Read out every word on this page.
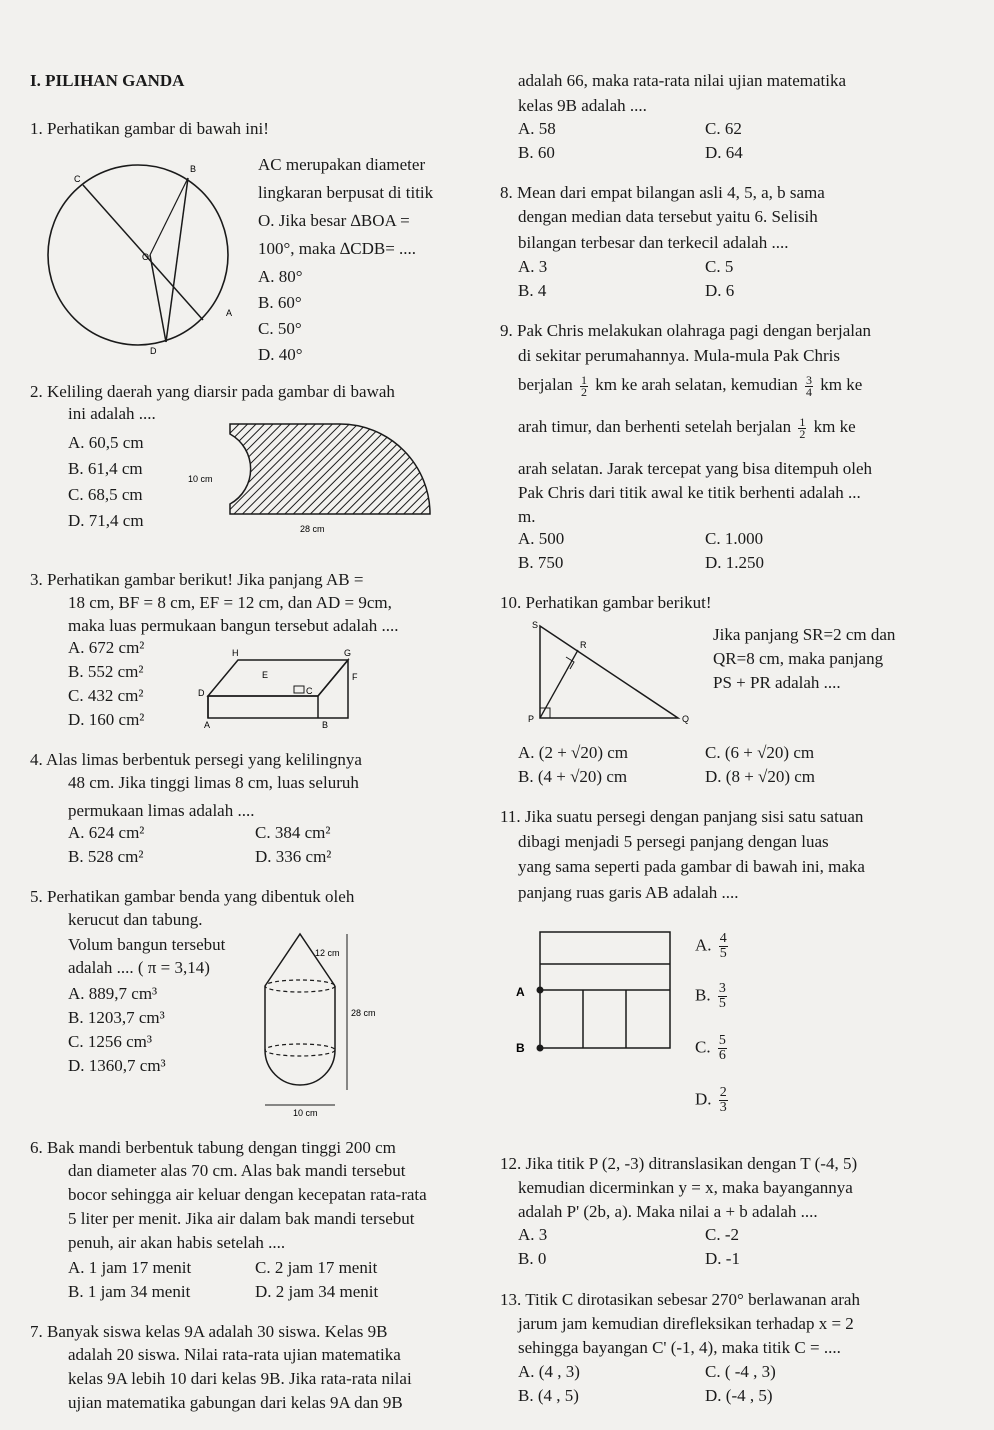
I. PILIHAN GANDA
1. Perhatikan gambar di bawah ini!
B
C
O
A
D
AC merupakan diameter
lingkaran berpusat di titik
O. Jika besar ∆BOA =
100°, maka ∆CDB= ....
A. 80°
B. 60°
C. 50°
D. 40°
2. Keliling daerah yang diarsir pada gambar di bawah
ini adalah ....
A. 60,5 cm
B. 61,4 cm
C. 68,5 cm
D. 71,4 cm
10 cm
28 cm
3. Perhatikan gambar berikut! Jika panjang AB =
18 cm, BF = 8 cm, EF = 12 cm, dan AD = 9cm,
maka luas permukaan bangun tersebut adalah ....
A. 672 cm²
B. 552 cm²
C. 432 cm²
D. 160 cm²
H	G
E	F
D	C
A	B
4. Alas limas berbentuk persegi yang kelilingnya
48 cm. Jika tinggi limas 8 cm, luas seluruh
permukaan limas adalah ....
A. 624 cm²
B. 528 cm²
C. 384 cm²
D. 336 cm²
5. Perhatikan gambar benda yang dibentuk oleh
kerucut dan tabung.
Volum bangun tersebut
adalah .... ( π = 3,14)
A. 889,7 cm³
B. 1203,7 cm³
C. 1256 cm³
D. 1360,7 cm³
12 cm
28 cm
10 cm
6. Bak mandi berbentuk tabung dengan tinggi 200 cm
dan diameter alas 70 cm. Alas bak mandi tersebut
bocor sehingga air keluar dengan kecepatan rata-rata
5 liter per menit. Jika air dalam bak mandi tersebut
penuh, air akan habis setelah ....
A. 1 jam 17 menit
B. 1 jam 34 menit
C. 2 jam 17 menit
D. 2 jam 34 menit
7. Banyak siswa kelas 9A adalah 30 siswa. Kelas 9B
adalah 20 siswa. Nilai rata-rata ujian matematika
kelas 9A lebih 10 dari kelas 9B. Jika rata-rata nilai
ujian matematika gabungan dari kelas 9A dan 9B
adalah 66, maka rata-rata nilai ujian matematika
kelas 9B adalah ....
A. 58
B. 60
C. 62
D. 64
8. Mean dari empat bilangan asli 4, 5, a, b sama
dengan median data tersebut yaitu 6. Selisih
bilangan terbesar dan terkecil adalah ....
A. 3
B. 4
C. 5
D. 6
9. Pak Chris melakukan olahraga pagi dengan berjalan
di sekitar perumahannya. Mula-mula Pak Chris
berjalan $\frac{1}{2}$ km ke arah selatan, kemudian $\frac{3}{4}$ km ke
arah timur, dan berhenti setelah berjalan $\frac{1}{2}$ km ke
arah selatan. Jarak tercepat yang bisa ditempuh oleh
Pak Chris dari titik awal ke titik berhenti adalah ...
m.
A. 500
B. 750
C. 1.000
D. 1.250
10. Perhatikan gambar berikut!
S
R
P	Q
Jika panjang SR=2 cm dan
QR=8 cm, maka panjang
PS + PR adalah ....
A. (2 + √20) cm
B. (4 + √20) cm
C. (6 + √20) cm
D. (8 + √20) cm
11. Jika suatu persegi dengan panjang sisi satu satuan
dibagi menjadi 5 persegi panjang dengan luas
yang sama seperti pada gambar di bawah ini, maka
panjang ruas garis AB adalah ....
A
B
A. $\frac{4}{5}$
B. $\frac{3}{5}$
C. $\frac{5}{6}$
D. $\frac{2}{3}$
12. Jika titik P (2, -3) ditranslasikan dengan T (-4, 5)
kemudian dicerminkan y = x, maka bayangannya
adalah P' (2b, a). Maka nilai a + b adalah ....
A. 3
B. 0
C. -2
D. -1
13. Titik C dirotasikan sebesar 270° berlawanan arah
jarum jam kemudian direfleksikan terhadap x = 2
sehingga bayangan C' (-1, 4), maka titik C = ....
A. (4 , 3)
B. (4 , 5)
C. ( -4 , 3)
D. (-4 , 5)
